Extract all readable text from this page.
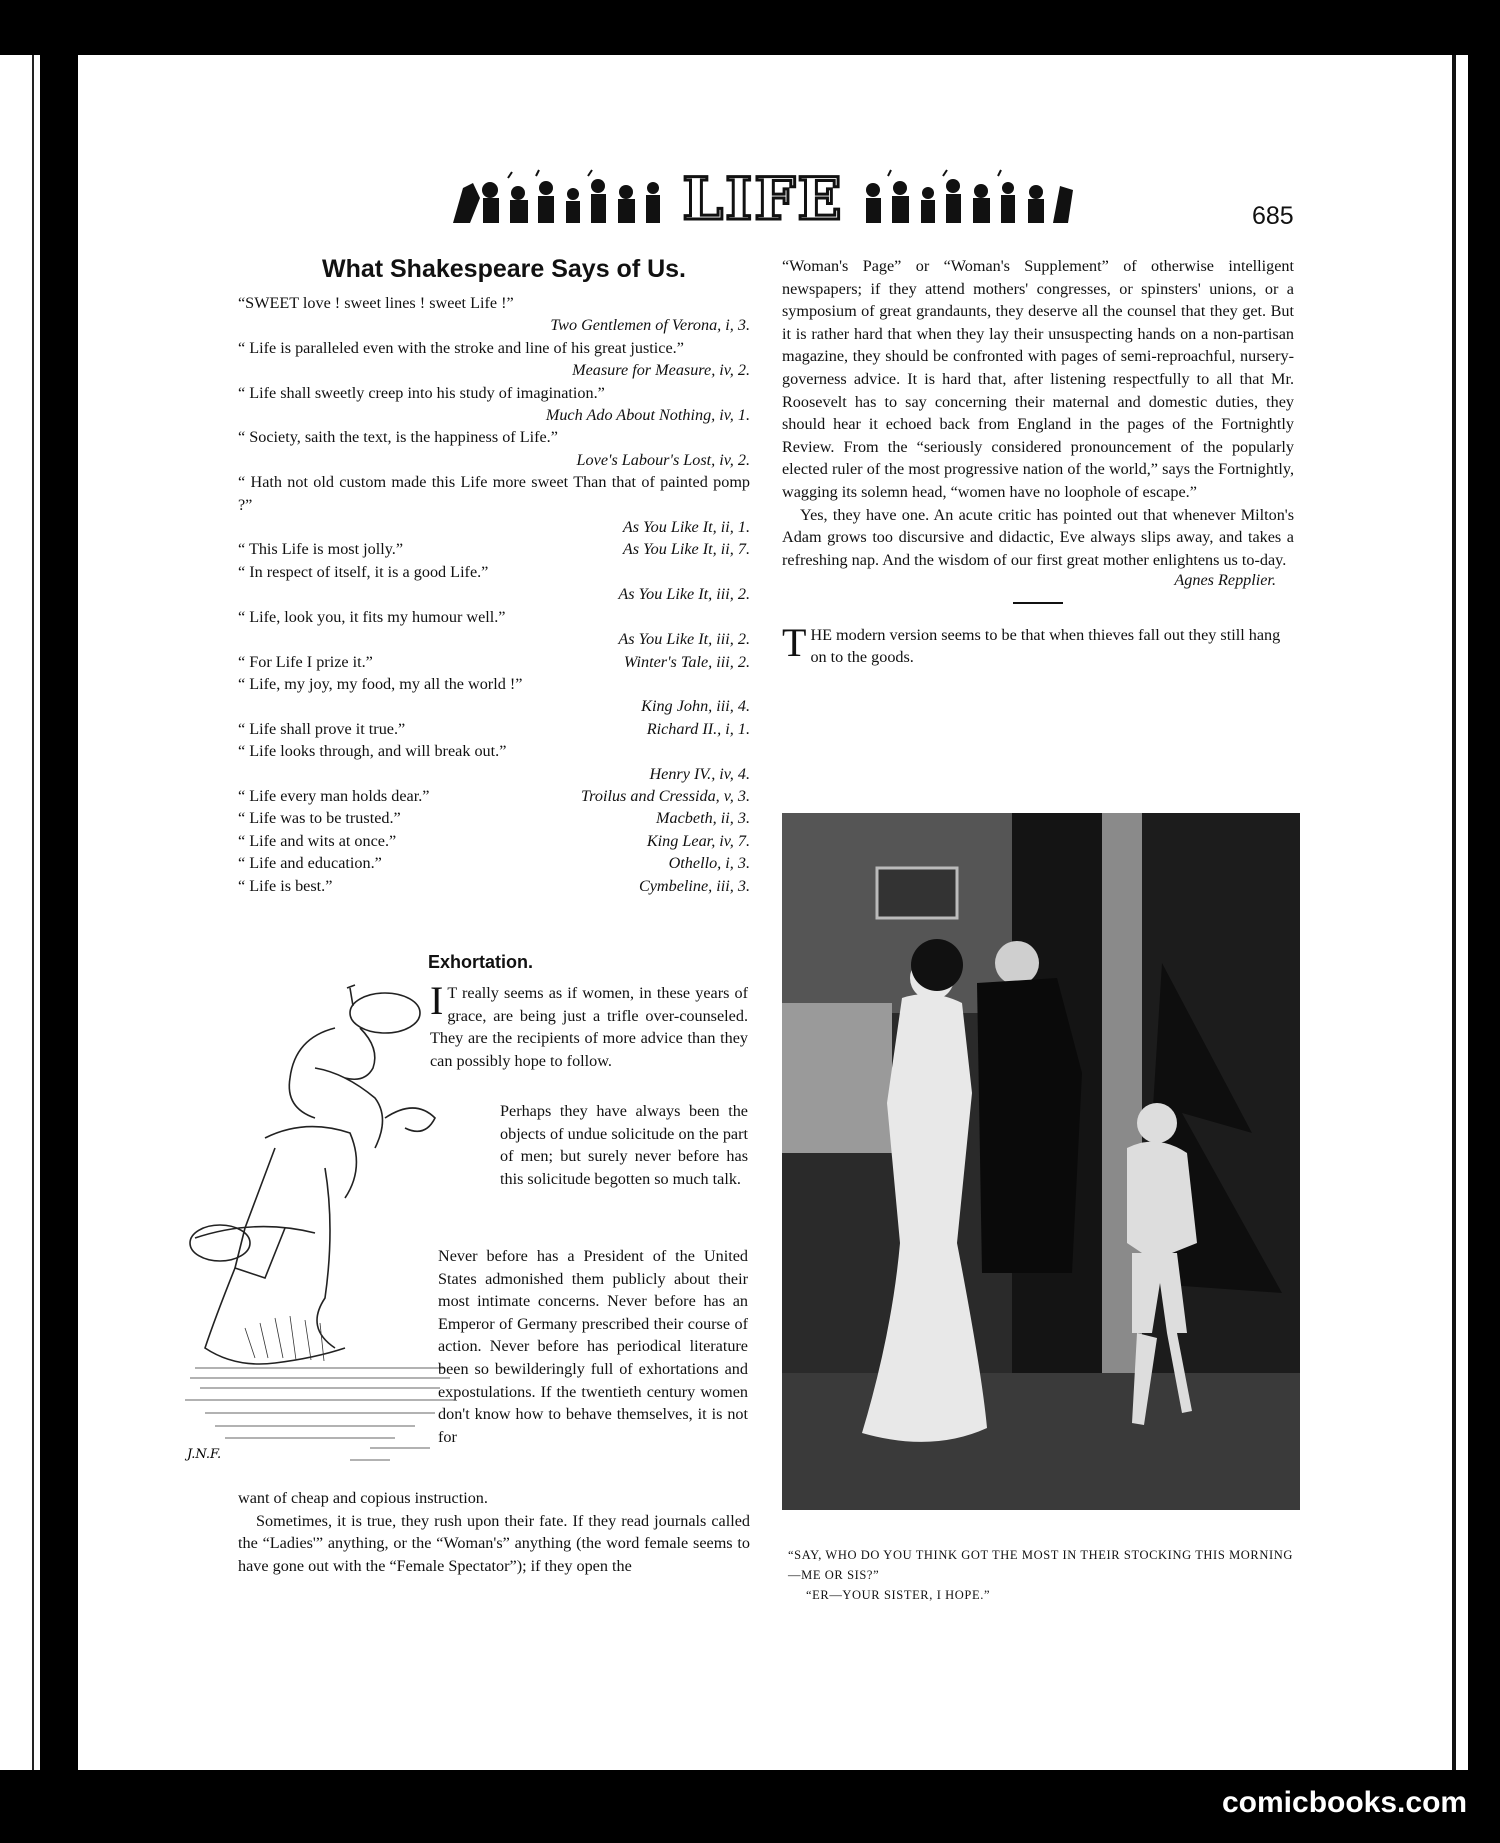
LIFE	685
What Shakespeare Says of Us.
“SWEET love ! sweet lines ! sweet Life !”
Two Gentlemen of Verona, i, 3.
“ Life is paralleled even with the stroke and line of his great justice.”
Measure for Measure, iv, 2.
“ Life shall sweetly creep into his study of imagination.”
Much Ado About Nothing, iv, 1.
“ Society, saith the text, is the happiness of Life.”
Love's Labour's Lost, iv, 2.
“ Hath not old custom made this Life more sweet Than that of painted pomp ?”
As You Like It, ii, 1.
“ This Life is most jolly.”	As You Like It, ii, 7.
“ In respect of itself, it is a good Life.”
As You Like It, iii, 2.
“ Life, look you, it fits my humour well.”
As You Like It, iii, 2.
“ For Life I prize it.”	Winter's Tale, iii, 2.
“ Life, my joy, my food, my all the world !”
King John, iii, 4.
“ Life shall prove it true.”	Richard II., i, 1.
“ Life looks through, and will break out.”
Henry IV., iv, 4.
“ Life every man holds dear.”	Troilus and Cressida, v, 3.
“ Life was to be trusted.”	Macbeth, ii, 3.
“ Life and wits at once.”	King Lear, iv, 7.
“ Life and education.”	Othello, i, 3.
“ Life is best.”	Cymbeline, iii, 3.
Exhortation.
J.N.F.

I T really seems as if women, in these years of grace, are being just a trifle over-counseled. They are the recipients of more advice than they can possibly hope to follow.

Perhaps they have always been the objects of undue solicitude on the part of men; but surely never before has this solicitude begotten so much talk.

Never before has a President of the United States admonished them publicly about their most intimate concerns. Never before has an Emperor of Germany prescribed their course of action. Never before has periodical literature been so bewilderingly full of exhortations and expostulations. If the twentieth century women don't know how to behave themselves, it is not for

want of cheap and copious instruction.

Sometimes, it is true, they rush upon their fate. If they read journals called the “Ladies'” anything, or the “Woman's” anything (the word female seems to have gone out with the “Female Spectator”); if they open the

“Woman's Page” or “Woman's Supplement” of otherwise intelligent newspapers; if they attend mothers' congresses, or spinsters' unions, or a symposium of great grandaunts, they deserve all the counsel that they get. But it is rather hard that when they lay their unsuspecting hands on a non-partisan magazine, they should be confronted with pages of semi-reproachful, nursery-governess advice. It is hard that, after listening respectfully to all that Mr. Roosevelt has to say concerning their maternal and domestic duties, they should hear it echoed back from England in the pages of the Fortnightly Review. From the “seriously considered pronouncement of the popularly elected ruler of the most progressive nation of the world,” says the Fortnightly, wagging its solemn head, “women have no loophole of escape.”

Yes, they have one. An acute critic has pointed out that whenever Milton's Adam grows too discursive and didactic, Eve always slips away, and takes a refreshing nap. And the wisdom of our first great mother enlightens us to-day.

Agnes Repplier.

THE modern version seems to be that when thieves fall out they still hang on to the goods.

“SAY, WHO DO YOU THINK GOT THE MOST IN THEIR STOCKING THIS MORNING—ME OR SIS?”
“ER—YOUR SISTER, I HOPE.”
comicbooks.com
